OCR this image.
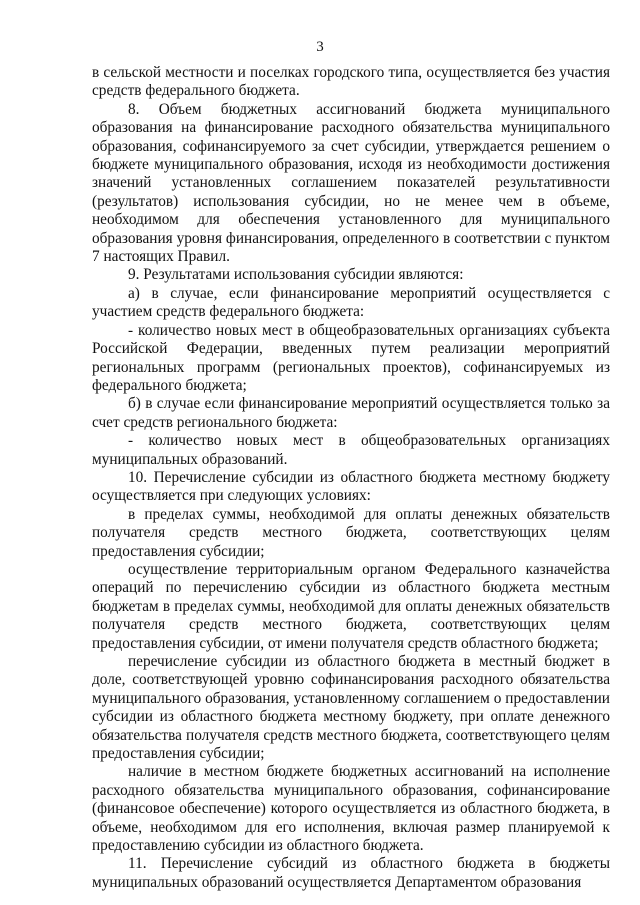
3

в сельской местности и поселках городского типа, осуществляется без участия средств федерального бюджета.

8. Объем бюджетных ассигнований бюджета муниципального образования на финансирование расходного обязательства муниципального образования, софинансируемого за счет субсидии, утверждается решением о бюджете муниципального образования, исходя из необходимости достижения значений установленных соглашением показателей результативности (результатов) использования субсидии, но не менее чем в объеме, необходимом для обеспечения установленного для муниципального образования уровня финансирования, определенного в соответствии с пунктом 7 настоящих Правил.

9. Результатами использования субсидии являются:

а) в случае, если финансирование мероприятий осуществляется с участием средств федерального бюджета:

- количество новых мест в общеобразовательных организациях субъекта Российской Федерации, введенных путем реализации мероприятий региональных программ (региональных проектов), софинансируемых из федерального бюджета;

б) в случае если финансирование мероприятий осуществляется только за счет средств регионального бюджета:

- количество новых мест в общеобразовательных организациях муниципальных образований.

10. Перечисление субсидии из областного бюджета местному бюджету осуществляется при следующих условиях:

в пределах суммы, необходимой для оплаты денежных обязательств получателя средств местного бюджета, соответствующих целям предоставления субсидии;

осуществление территориальным органом Федерального казначейства операций по перечислению субсидии из областного бюджета местным бюджетам в пределах суммы, необходимой для оплаты денежных обязательств получателя средств местного бюджета, соответствующих целям предоставления субсидии, от имени получателя средств областного бюджета;

перечисление субсидии из областного бюджета в местный бюджет в доле, соответствующей уровню софинансирования расходного обязательства муниципального образования, установленному соглашением о предоставлении субсидии из областного бюджета местному бюджету, при оплате денежного обязательства получателя средств местного бюджета, соответствующего целям предоставления субсидии;

наличие в местном бюджете бюджетных ассигнований на исполнение расходного обязательства муниципального образования, софинансирование (финансовое обеспечение) которого осуществляется из областного бюджета, в объеме, необходимом для его исполнения, включая размер планируемой к предоставлению субсидии из областного бюджета.

11. Перечисление субсидий из областного бюджета в бюджеты муниципальных образований осуществляется Департаментом образования
